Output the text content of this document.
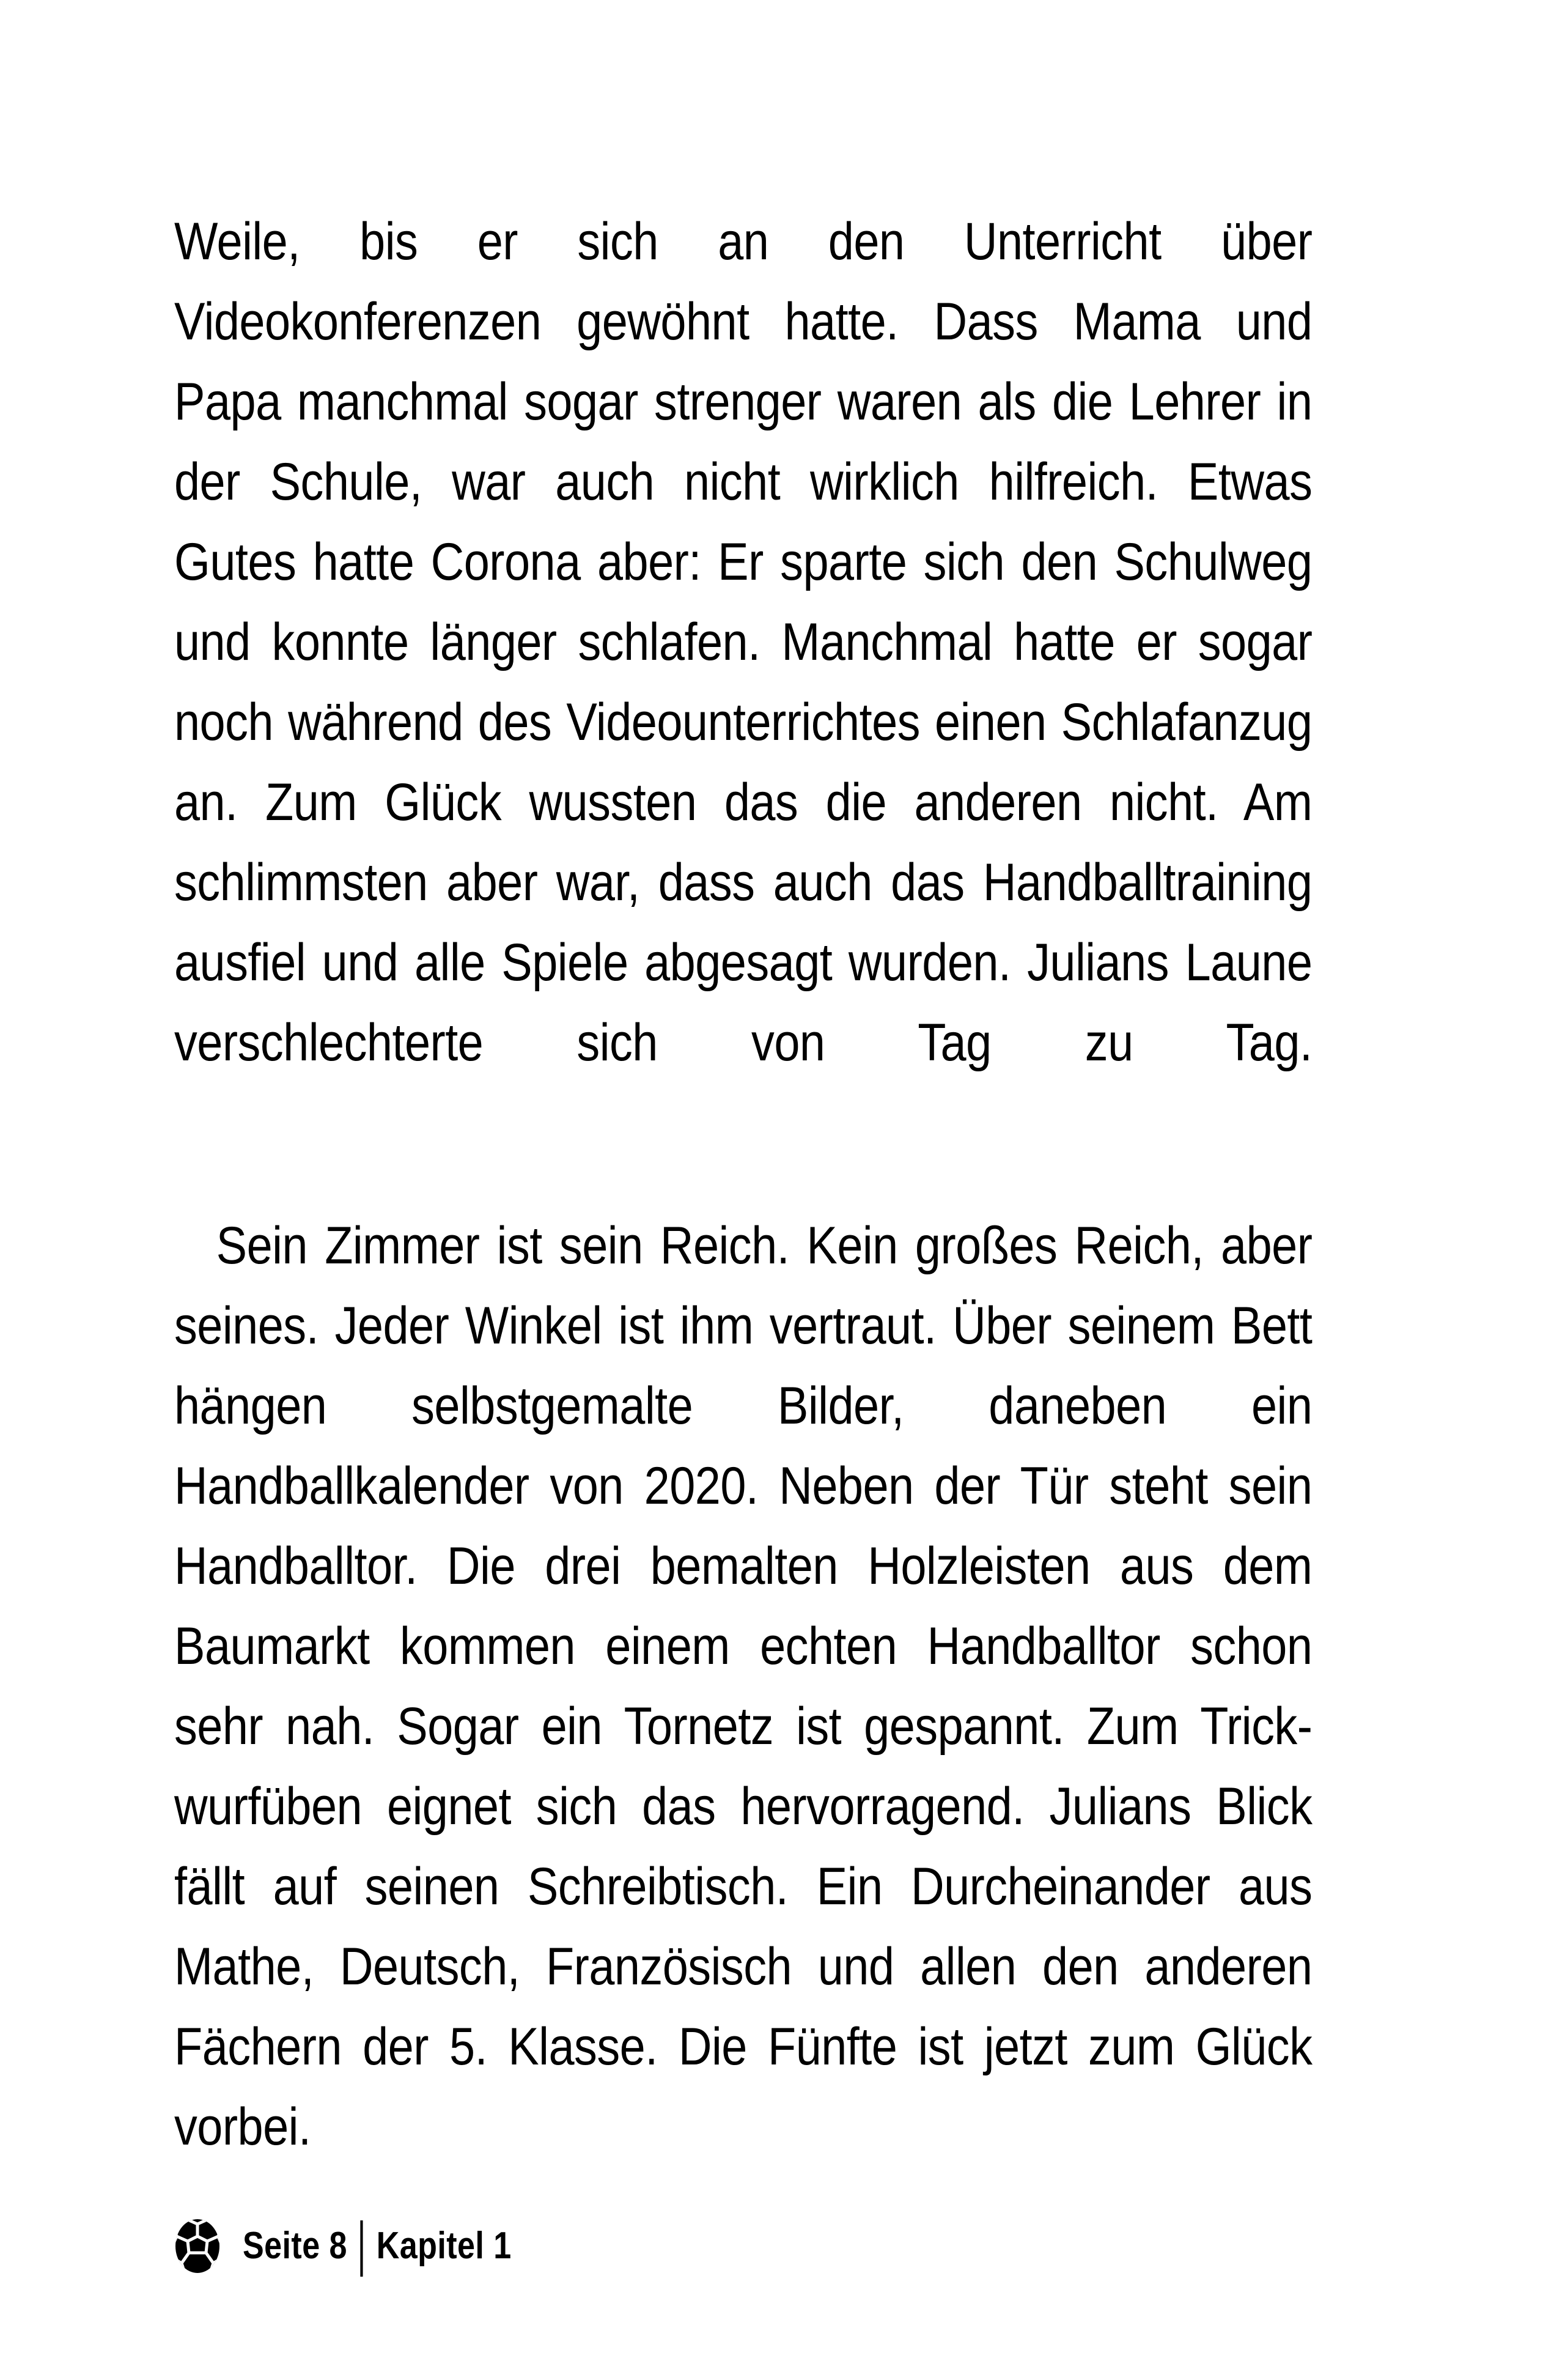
Weile, bis er sich an den Unterricht über Videokonferenzen gewöhnt hatte. Dass Mama und Papa manchmal sogar strenger waren als die Lehrer in der Schule, war auch nicht wirklich hilfreich. Etwas Gutes hatte Corona aber: Er sparte sich den Schulweg und konnte länger schlafen. Manchmal hatte er sogar noch während des Videounterrichtes einen Schlafanzug an. Zum Glück wussten das die anderen nicht. Am schlimmsten aber war, dass auch das Handballtraining ausfiel und alle Spiele abgesagt wurden. Julians Laune verschlechterte sich von Tag zu Tag.

Sein Zimmer ist sein Reich. Kein großes Reich, aber seines. Jeder Winkel ist ihm vertraut. Über seinem Bett hängen selbstgemalte Bilder, daneben ein Handballkalender von 2020. Neben der Tür steht sein Handballtor. Die drei bemalten Holzleisten aus dem Baumarkt kommen einem echten Handballtor schon sehr nah. Sogar ein Tornetz ist gespannt. Zum Trick-wurfüben eignet sich das hervorragend. Julians Blick fällt auf seinen Schreibtisch. Ein Durcheinander aus Mathe, Deutsch, Französisch und allen den anderen Fächern der 5. Klasse. Die Fünfte ist jetzt zum Glück vorbei.

Seite 8 Kapitel 1
